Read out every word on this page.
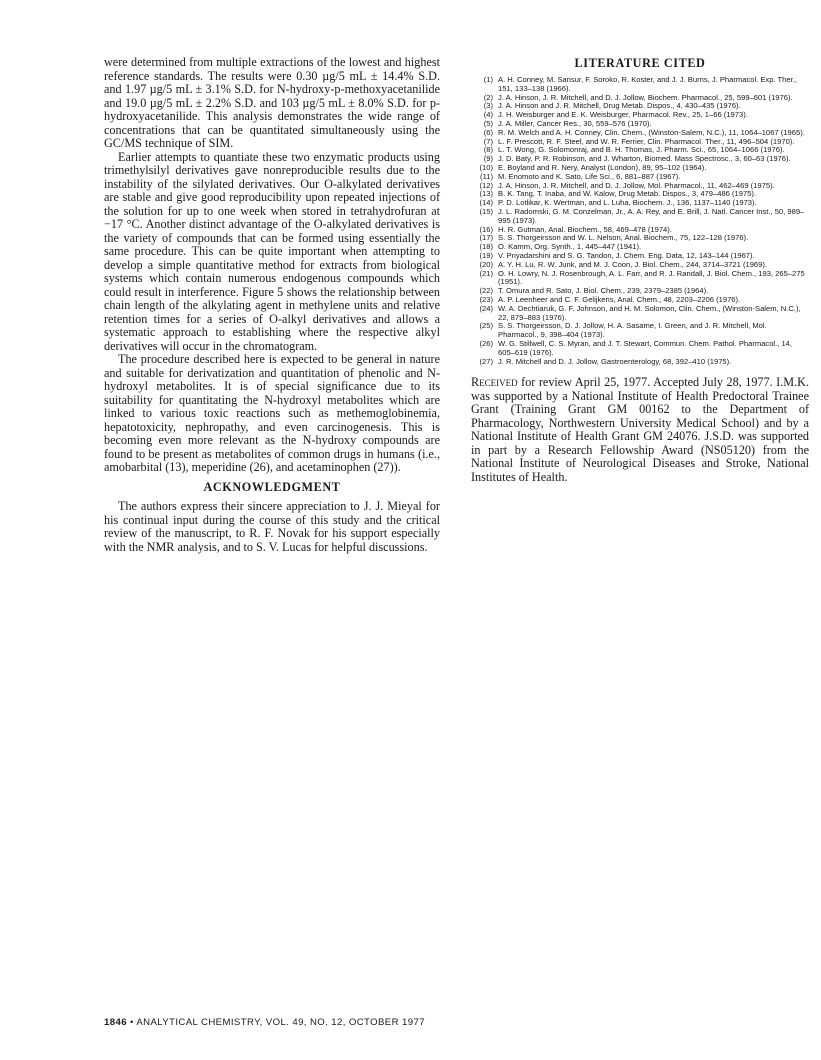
were determined from multiple extractions of the lowest and highest reference standards. The results were 0.30 µg/5 mL ± 14.4% S.D. and 1.97 µg/5 mL ± 3.1% S.D. for N-hydroxy-p-methoxyacetanilide and 19.0 µg/5 mL ± 2.2% S.D. and 103 µg/5 mL ± 8.0% S.D. for p-hydroxyacetanilide. This analysis demonstrates the wide range of concentrations that can be quantitated simultaneously using the GC/MS technique of SIM.

Earlier attempts to quantiate these two enzymatic products using trimethylsilyl derivatives gave nonreproducible results due to the instability of the silylated derivatives. Our O-alkylated derivatives are stable and give good reproducibility upon repeated injections of the solution for up to one week when stored in tetrahydrofuran at −17 °C. Another distinct advantage of the O-alkylated derivatives is the variety of compounds that can be formed using essentially the same procedure. This can be quite important when attempting to develop a simple quantitative method for extracts from biological systems which contain numerous endogenous compounds which could result in interference. Figure 5 shows the relationship between chain length of the alkylating agent in methylene units and relative retention times for a series of O-alkyl derivatives and allows a systematic approach to establishing where the respective alkyl derivatives will occur in the chromatogram.

The procedure described here is expected to be general in nature and suitable for derivatization and quantitation of phenolic and N-hydroxyl metabolites. It is of special significance due to its suitability for quantitating the N-hydroxyl metabolites which are linked to various toxic reactions such as methemoglobinemia, hepatotoxicity, nephropathy, and even carcinogenesis. This is becoming even more relevant as the N-hydroxy compounds are found to be present as metabolites of common drugs in humans (i.e., amobarbital (13), meperidine (26), and acetaminophen (27)).

ACKNOWLEDGMENT

The authors express their sincere appreciation to J. J. Mieyal for his continual input during the course of this study and the critical review of the manuscript, to R. F. Novak for his support especially with the NMR analysis, and to S. V. Lucas for helpful discussions.

LITERATURE CITED
(1) A. H. Conney, M. Sansur, F. Soroko, R. Koster, and J. J. Burns, J. Pharmacol. Exp. Ther., 151, 133–138 (1966).
(2) J. A. Hinson, J. R. Mitchell, and D. J. Jollow, Biochem. Pharmacol., 25, 599–601 (1976).
(3) J. A. Hinson and J. R. Mitchell, Drug Metab. Dispos., 4, 430–435 (1976).
(4) J. H. Weisburger and E. K. Weisburger, Pharmacol. Rev., 25, 1–66 (1973).
(5) J. A. Miller, Cancer Res., 30, 559–576 (1970).
(6) R. M. Welch and A. H. Conney, Clin. Chem., (Winston-Salem, N.C.), 11, 1064–1067 (1965).
(7) L. F. Prescott, R. F. Steel, and W. R. Ferrier, Clin. Pharmacol. Ther., 11, 496–504 (1970).
(8) L. T. Wong, G. Solomonraj, and B. H. Thomas, J. Pharm. Sci., 65, 1064–1066 (1976).
(9) J. D. Baty, P. R. Robinson, and J. Wharton, Biomed. Mass Spectrosc., 3, 60–63 (1976).
(10) E. Boyland and R. Nery, Analyst (London), 89, 95–102 (1964).
(11) M. Enomoto and K. Sato, Life Sci., 6, 881–887 (1967).
(12) J. A. Hinson, J. R. Mitchell, and D. J. Jollow, Mol. Pharmacol., 11, 462–469 (1975).
(13) B. K. Tang, T. Inaba, and W. Kalow, Drug Metab. Dispos., 3, 479–486 (1975).
(14) P. D. Lotlikar, K. Wertman, and L. Luha, Biochem. J., 136, 1137–1140 (1973).
(15) J. L. Radomski, G. M. Conzelman, Jr., A. A. Rey, and E. Brill, J. Natl. Cancer Inst., 50, 989–995 (1973).
(16) H. R. Gutman, Anal. Biochem., 58, 469–478 (1974).
(17) S. S. Thorgeirsson and W. L. Nelson, Anal. Biochem., 75, 122–128 (1976).
(18) O. Kamm, Org. Synth., 1, 445–447 (1941).
(19) V. Priyadarshini and S. G. Tandon, J. Chem. Eng. Data, 12, 143–144 (1967).
(20) A. Y. H. Lu, R. W. Junk, and M. J. Coon, J. Biol. Chem., 244, 3714–3721 (1969).
(21) O. H. Lowry, N. J. Rosenbrough, A. L. Farr, and R. J. Randall, J. Biol. Chem., 193, 265–275 (1951).
(22) T. Omura and R. Sato, J. Biol. Chem., 239, 2379–2385 (1964).
(23) A. P. Leenheer and C. F. Gelijkens, Anal. Chem., 48, 2203–2206 (1976).
(24) W. A. Dechtiaruk, G. F. Johnson, and H. M. Solomon, Clin. Chem., (Winston-Salem, N.C.), 22, 879–883 (1976).
(25) S. S. Thorgeirsson, D. J. Jollow, H. A. Sasame, I. Green, and J. R. Mitchell, Mol. Pharmacol., 9, 398–404 (1973).
(26) W. G. Stillwell, C. S. Myran, and J. T. Stewart, Commun. Chem. Pathol. Pharmacol., 14, 605–619 (1976).
(27) J. R. Mitchell and D. J. Jollow, Gastroenterology, 68, 392–410 (1975).

Received for review April 25, 1977. Accepted July 28, 1977. I.M.K. was supported by a National Institute of Health Predoctoral Trainee Grant (Training Grant GM 00162 to the Department of Pharmacology, Northwestern University Medical School) and by a National Institute of Health Grant GM 24076. J.S.D. was supported in part by a Research Fellowship Award (NS05120) from the National Institute of Neurological Diseases and Stroke, National Institutes of Health.

1846 • ANALYTICAL CHEMISTRY, VOL. 49, NO. 12, OCTOBER 1977
